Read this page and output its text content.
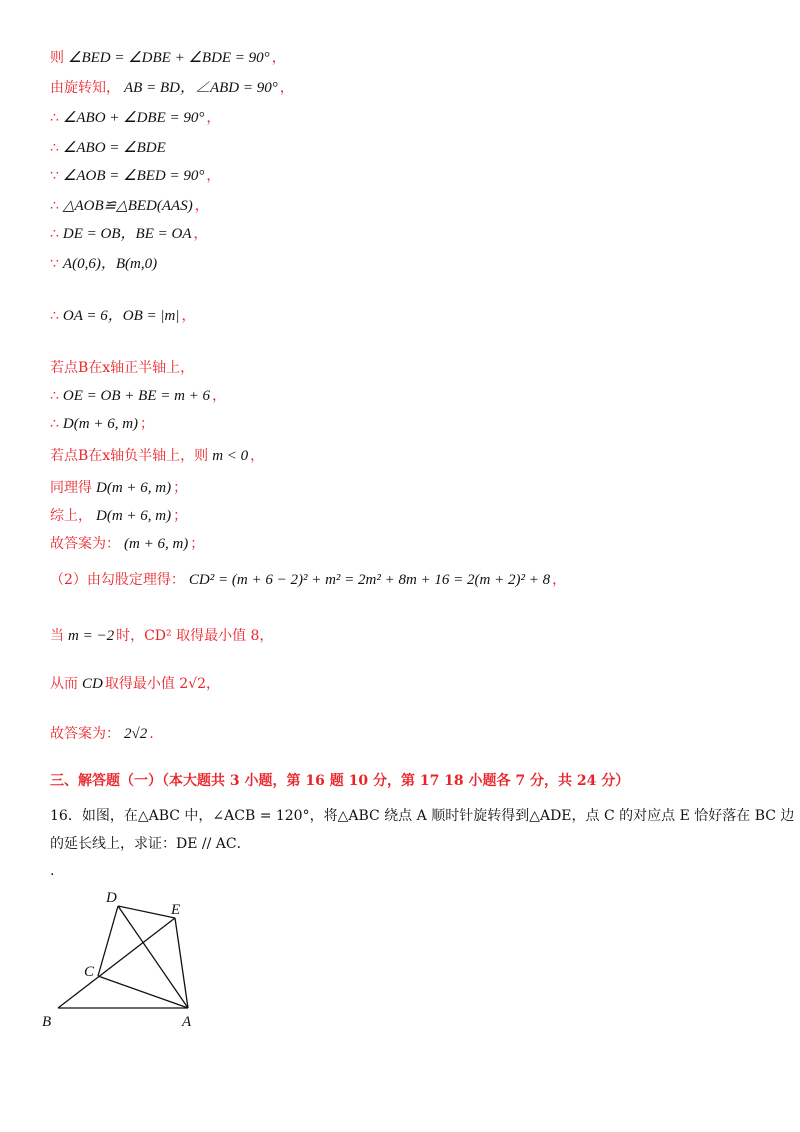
则 ∠BED = ∠DBE + ∠BDE = 90° ，
由旋转知， AB = BD，∠ABD = 90° ，
∴ ∠ABO + ∠DBE = 90° ，
∴ ∠ABO = ∠BDE
∵ ∠AOB = ∠BED = 90° ，
∴ △AOB≌△BED(AAS) ，
∴ DE = OB，BE = OA ，
∵ A(0,6)，B(m,0)
∴ OA = 6，OB = |m| ，
若点B在x轴正半轴上，
∴ OE = OB + BE = m + 6 ，
∴ D(m + 6, m) ；
若点B在x轴负半轴上，则 m < 0 ，
同理得 D(m + 6, m) ；
综上， D(m + 6, m) ；
故答案为： (m + 6, m) ；
（2）由勾股定理得： CD² = (m + 6 − 2)² + m² = 2m² + 8m + 16 = 2(m + 2)² + 8 ，
当 m = −2 时，CD² 取得最小值 8，
从而 CD 取得最小值 2√2，
故答案为： 2√2 .
三、解答题（一）（本大题共 3 小题，第 16 题 10 分，第 17 18 小题各 7 分，共 24 分）
16．如图，在△ABC 中，∠ACB = 120°，将△ABC 绕点 A 顺时针旋转得到△ADE，点 C 的对应点 E 恰好落在 BC 边
的延长线上，求证：DE // AC．
.
B	A
C
D
E
